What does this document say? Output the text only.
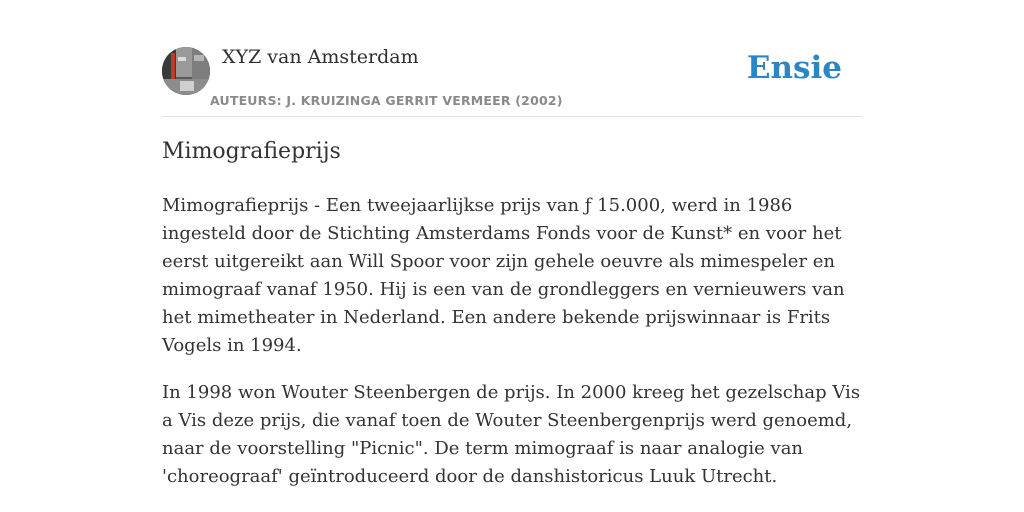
XYZ van Amsterdam
AUTEURS: J. KRUIZINGA GERRIT VERMEER (2002)
Ensie
Mimografieprijs

Mimografieprijs - Een tweejaarlijkse prijs van ƒ 15.000, werd in 1986 ingesteld door de Stichting Amsterdams Fonds voor de Kunst* en voor het eerst uitgereikt aan Will Spoor voor zijn gehele oeuvre als mimespeler en mimograaf vanaf 1950. Hij is een van de grondleggers en vernieuwers van het mimetheater in Nederland. Een andere bekende prijswinnaar is Frits Vogels in 1994.

In 1998 won Wouter Steenbergen de prijs. In 2000 kreeg het gezelschap Vis a Vis deze prijs, die vanaf toen de Wouter Steenbergenprijs werd genoemd, naar de voorstelling "Picnic". De term mimograaf is naar analogie van 'choreograaf' geïntroduceerd door de danshistoricus Luuk Utrecht.
